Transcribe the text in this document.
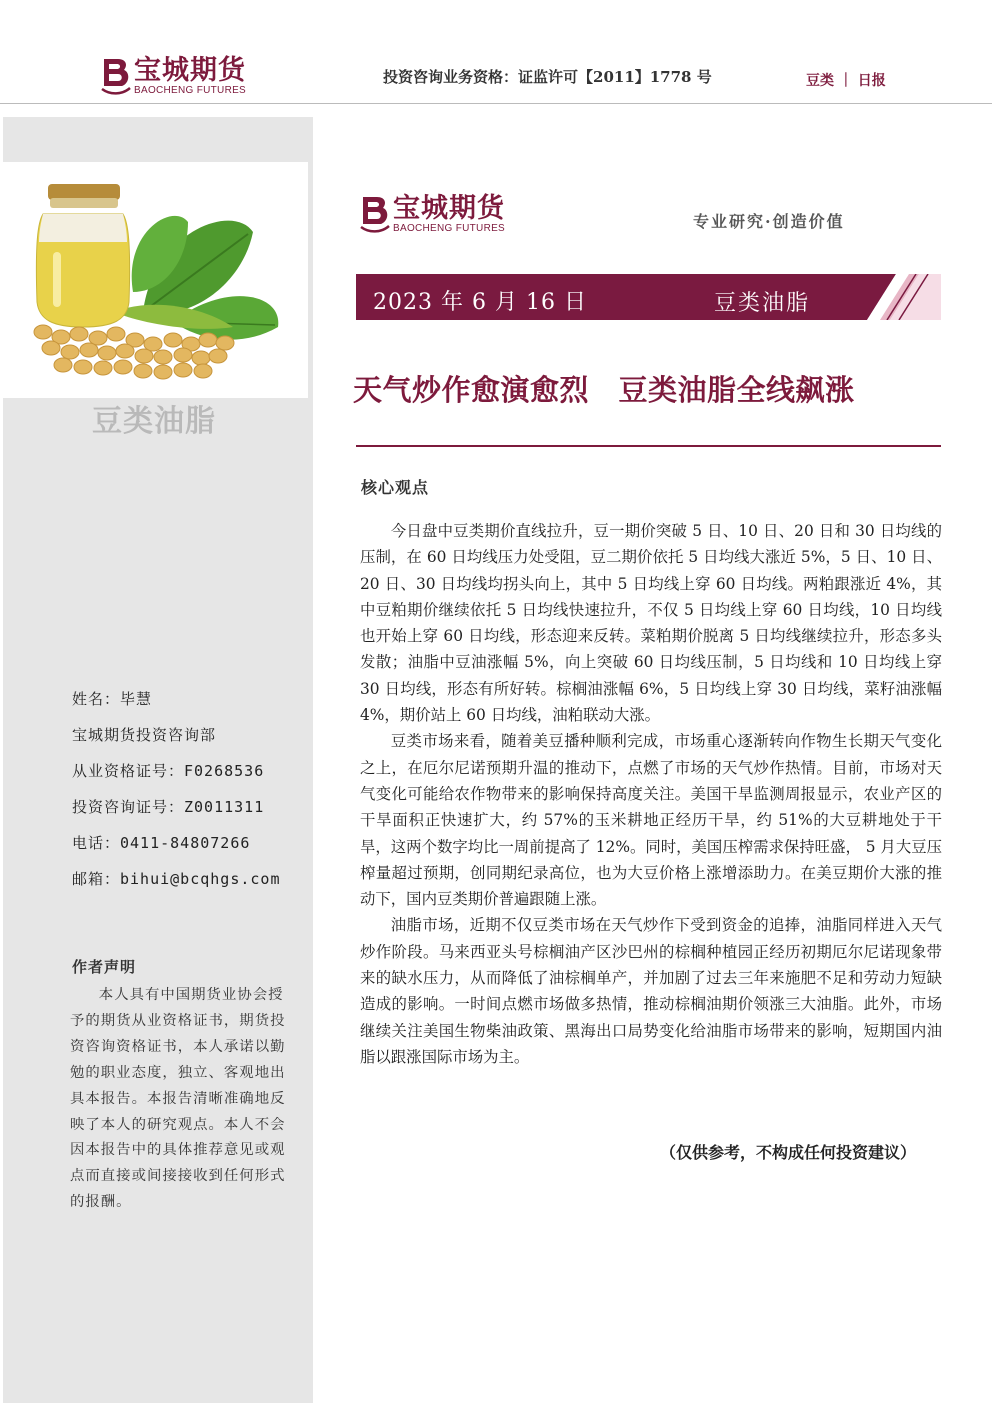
宝城期货
BAOCHENG FUTURES
投资咨询业务资格：证监许可【2011】1778 号	豆类 ｜ 日报
豆类油脂
姓名：毕慧
宝城期货投资咨询部
从业资格证号：F0268536
投资咨询证号：Z0011311
电话：0411-84807266
邮箱：bihui@bcqhgs.com
作者声明
本人具有中国期货业协会授予的期货从业资格证书，期货投资咨询资格证书，本人承诺以勤勉的职业态度，独立、客观地出具本报告。本报告清晰准确地反映了本人的研究观点。本人不会因本报告中的具体推荐意见或观点而直接或间接接收到任何形式的报酬。
宝城期货
BAOCHENG FUTURES	专业研究·创造价值
2023 年 6 月 16 日	豆类油脂
天气炒作愈演愈烈　豆类油脂全线飙涨
核心观点

今日盘中豆类期价直线拉升，豆一期价突破 5 日、10 日、20 日和 30 日均线的压制，在 60 日均线压力处受阻，豆二期价依托 5 日均线大涨近 5%，5 日、10 日、20 日、30 日均线均拐头向上，其中 5 日均线上穿 60 日均线。两粕跟涨近 4%，其中豆粕期价继续依托 5 日均线快速拉升，不仅 5 日均线上穿 60 日均线，10 日均线也开始上穿 60 日均线，形态迎来反转。菜粕期价脱离 5 日均线继续拉升，形态多头发散；油脂中豆油涨幅 5%，向上突破 60 日均线压制，5 日均线和 10 日均线上穿 30 日均线，形态有所好转。棕榈油涨幅 6%，5 日均线上穿 30 日均线，菜籽油涨幅 4%，期价站上 60 日均线，油粕联动大涨。

豆类市场来看，随着美豆播种顺利完成，市场重心逐渐转向作物生长期天气变化之上，在厄尔尼诺预期升温的推动下，点燃了市场的天气炒作热情。目前，市场对天气变化可能给农作物带来的影响保持高度关注。美国干旱监测周报显示，农业产区的干旱面积正快速扩大，约 57%的玉米耕地正经历干旱，约 51%的大豆耕地处于干旱，这两个数字均比一周前提高了 12%。同时，美国压榨需求保持旺盛， 5 月大豆压榨量超过预期，创同期纪录高位，也为大豆价格上涨增添助力。在美豆期价大涨的推动下，国内豆类期价普遍跟随上涨。

油脂市场，近期不仅豆类市场在天气炒作下受到资金的追捧，油脂同样进入天气炒作阶段。马来西亚头号棕榈油产区沙巴州的棕榈种植园正经历初期厄尔尼诺现象带来的缺水压力，从而降低了油棕榈单产，并加剧了过去三年来施肥不足和劳动力短缺造成的影响。一时间点燃市场做多热情，推动棕榈油期价领涨三大油脂。此外，市场继续关注美国生物柴油政策、黑海出口局势变化给油脂市场带来的影响，短期国内油脂以跟涨国际市场为主。

（仅供参考，不构成任何投资建议）
